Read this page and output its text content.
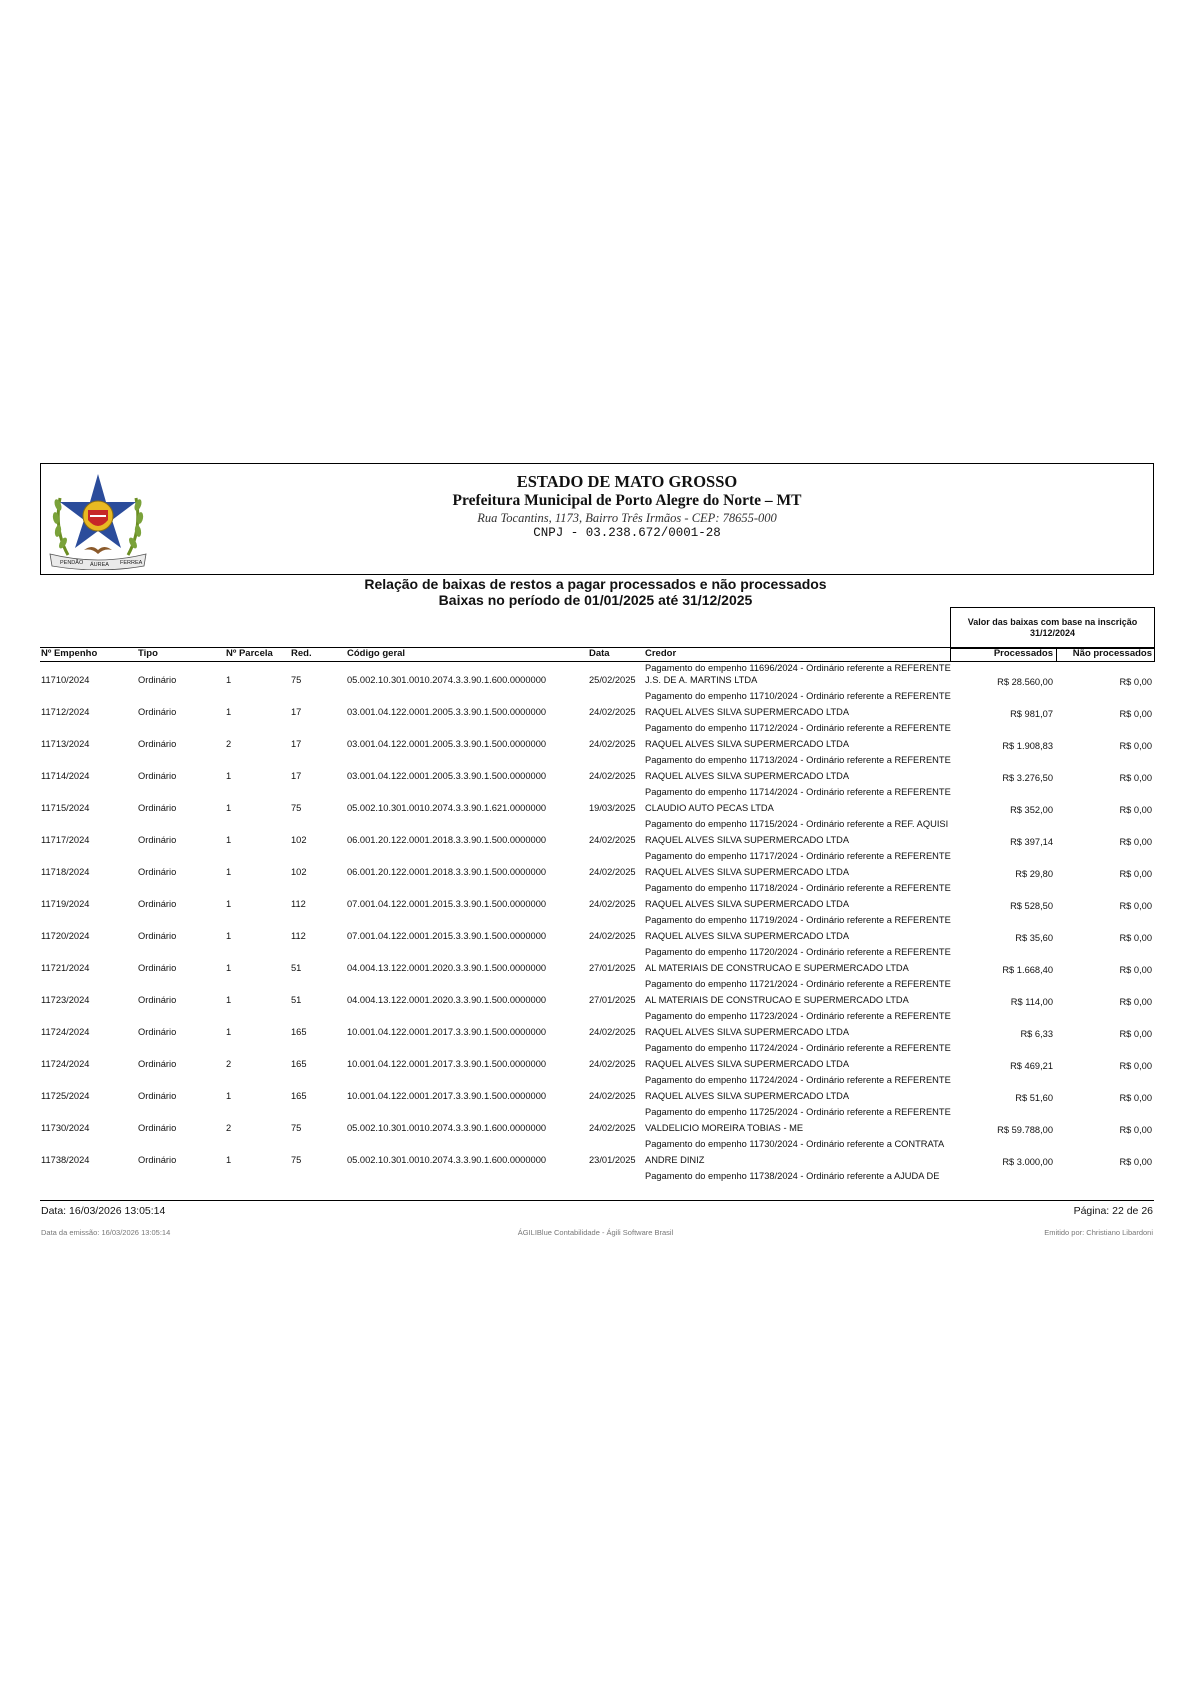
PENDÃO ÁUREA FERREA
ESTADO DE MATO GROSSO
Prefeitura Municipal de Porto Alegre do Norte – MT
Rua Tocantins, 1173, Bairro Três Irmãos - CEP: 78655-000
CNPJ - 03.238.672/0001-28
Relação de baixas de restos a pagar processados e não processados
Baixas no período de 01/01/2025 até 31/12/2025
Valor das baixas com base na inscrição
31/12/2024
Nº Empenho	Tipo	Nº Parcela Red.	Código geral	Data	Credor	Processados	Não processados
Pagamento do empenho 11696/2024 - Ordinário referente a REFERENTE
11710/2024	Ordinário	1	75	05.002.10.301.0010.2074.3.3.90.1.600.0000000	25/02/2025 J.S. DE A. MARTINS LTDA	R$ 28.560,00	R$ 0,00
Pagamento do empenho 11710/2024 - Ordinário referente a REFERENTE
11712/2024	Ordinário	1	17	03.001.04.122.0001.2005.3.3.90.1.500.0000000	24/02/2025 RAQUEL ALVES SILVA SUPERMERCADO LTDA	R$ 981,07	R$ 0,00
Pagamento do empenho 11712/2024 - Ordinário referente a REFERENTE
11713/2024	Ordinário	2	17	03.001.04.122.0001.2005.3.3.90.1.500.0000000	24/02/2025 RAQUEL ALVES SILVA SUPERMERCADO LTDA	R$ 1.908,83	R$ 0,00
Pagamento do empenho 11713/2024 - Ordinário referente a REFERENTE
11714/2024	Ordinário	1	17	03.001.04.122.0001.2005.3.3.90.1.500.0000000	24/02/2025 RAQUEL ALVES SILVA SUPERMERCADO LTDA	R$ 3.276,50	R$ 0,00
Pagamento do empenho 11714/2024 - Ordinário referente a REFERENTE
11715/2024	Ordinário	1	75	05.002.10.301.0010.2074.3.3.90.1.621.0000000	19/03/2025 CLAUDIO AUTO PECAS LTDA	R$ 352,00	R$ 0,00
Pagamento do empenho 11715/2024 - Ordinário referente a REF. AQUISI
11717/2024	Ordinário	1	102	06.001.20.122.0001.2018.3.3.90.1.500.0000000	24/02/2025 RAQUEL ALVES SILVA SUPERMERCADO LTDA	R$ 397,14	R$ 0,00
Pagamento do empenho 11717/2024 - Ordinário referente a REFERENTE
11718/2024	Ordinário	1	102	06.001.20.122.0001.2018.3.3.90.1.500.0000000	24/02/2025 RAQUEL ALVES SILVA SUPERMERCADO LTDA	R$ 29,80	R$ 0,00
Pagamento do empenho 11718/2024 - Ordinário referente a REFERENTE
11719/2024	Ordinário	1	112	07.001.04.122.0001.2015.3.3.90.1.500.0000000	24/02/2025 RAQUEL ALVES SILVA SUPERMERCADO LTDA	R$ 528,50	R$ 0,00
Pagamento do empenho 11719/2024 - Ordinário referente a REFERENTE
11720/2024	Ordinário	1	112	07.001.04.122.0001.2015.3.3.90.1.500.0000000	24/02/2025 RAQUEL ALVES SILVA SUPERMERCADO LTDA	R$ 35,60	R$ 0,00
Pagamento do empenho 11720/2024 - Ordinário referente a REFERENTE
11721/2024	Ordinário	1	51	04.004.13.122.0001.2020.3.3.90.1.500.0000000	27/01/2025 AL MATERIAIS DE CONSTRUCAO E SUPERMERCADO LTDA	R$ 1.668,40	R$ 0,00
Pagamento do empenho 11721/2024 - Ordinário referente a REFERENTE
11723/2024	Ordinário	1	51	04.004.13.122.0001.2020.3.3.90.1.500.0000000	27/01/2025 AL MATERIAIS DE CONSTRUCAO E SUPERMERCADO LTDA	R$ 114,00	R$ 0,00
Pagamento do empenho 11723/2024 - Ordinário referente a REFERENTE
11724/2024	Ordinário	1	165	10.001.04.122.0001.2017.3.3.90.1.500.0000000	24/02/2025 RAQUEL ALVES SILVA SUPERMERCADO LTDA	R$ 6,33	R$ 0,00
Pagamento do empenho 11724/2024 - Ordinário referente a REFERENTE
11724/2024	Ordinário	2	165	10.001.04.122.0001.2017.3.3.90.1.500.0000000	24/02/2025 RAQUEL ALVES SILVA SUPERMERCADO LTDA	R$ 469,21	R$ 0,00
Pagamento do empenho 11724/2024 - Ordinário referente a REFERENTE
11725/2024	Ordinário	1	165	10.001.04.122.0001.2017.3.3.90.1.500.0000000	24/02/2025 RAQUEL ALVES SILVA SUPERMERCADO LTDA	R$ 51,60	R$ 0,00
Pagamento do empenho 11725/2024 - Ordinário referente a REFERENTE
11730/2024	Ordinário	2	75	05.002.10.301.0010.2074.3.3.90.1.600.0000000	24/02/2025 VALDELICIO MOREIRA TOBIAS - ME	R$ 59.788,00	R$ 0,00
Pagamento do empenho 11730/2024 - Ordinário referente a CONTRATA
11738/2024	Ordinário	1	75	05.002.10.301.0010.2074.3.3.90.1.600.0000000	23/01/2025 ANDRE DINIZ	R$ 3.000,00	R$ 0,00
Pagamento do empenho 11738/2024 - Ordinário referente a AJUDA DE
Data: 16/03/2026 13:05:14	Página: 22 de 26
Data da emissão: 16/03/2026 13:05:14	ÁGILIBlue Contabilidade - Ágili Software Brasil	Emitido por: Christiano Libardoni
